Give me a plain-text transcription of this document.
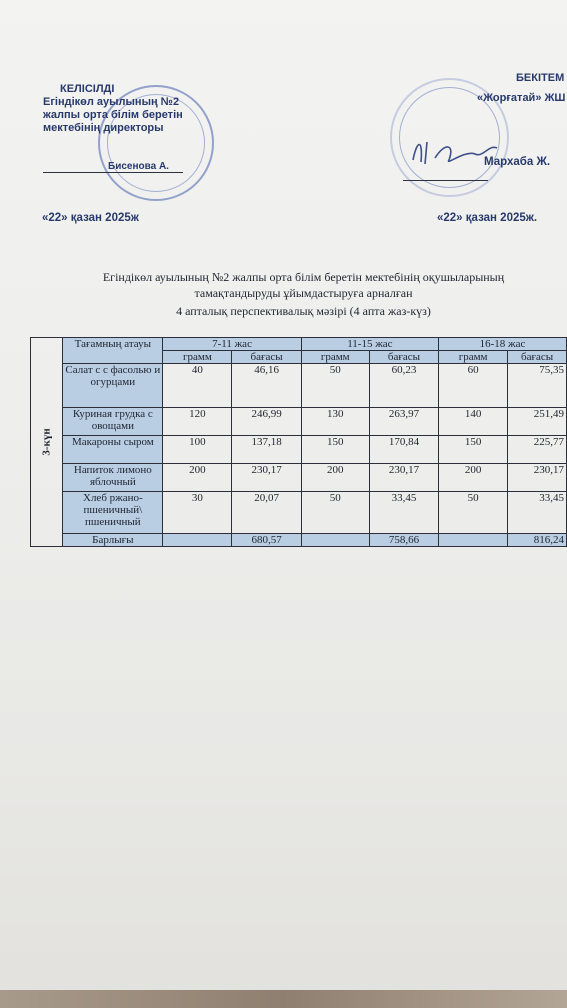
КЕЛІСІЛДІ
Егіндікөл ауылының №2
жалпы орта білім беретін
мектебінің директоры
Бисенова А.
«22» қазан 2025ж
БЕКІТЕМ
«Жорғатай» ЖШ
Мархаба Ж.
«22» қазан 2025ж.
Егіндікөл ауылының №2 жалпы орта білім беретін мектебінің оқушыларының
тамақтандыруды ұйымдастыруға арналған
4 апталық перспективалық мәзірі (4 апта жаз-күз)
3-күн	Тағамның атауы	7-11 жас		11-15 жас		16-18 жас	
		грамм	бағасы	грамм	бағасы	грамм	бағасы
	Салат с с фасолью и огурцами	40	46,16	50	60,23	60	75,35
	Куриная грудка с овощами	120	246,99	130	263,97	140	251,49
	Макароны сыром	100	137,18	150	170,84	150	225,77
	Напиток лимоно яблочный	200	230,17	200	230,17	200	230,17
	Хлеб ржано-пшеничный\ пшеничный	30	20,07	50	33,45	50	33,45
	Барлығы		680,57		758,66		816,24
